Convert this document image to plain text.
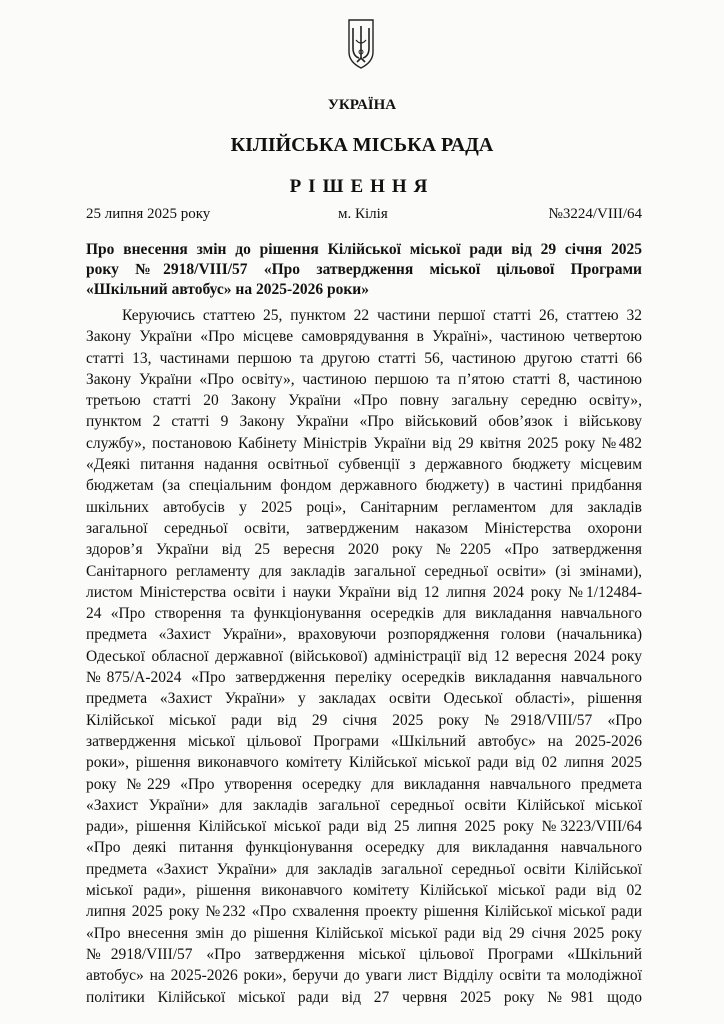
УКРАЇНА
КІЛІЙСЬКА МІСЬКА РАДА
РІШЕННЯ
25 липня 2025 року	м. Кілія	№3224/VIII/64
Про внесення змін до рішення Кілійської міської ради від 29 січня 2025
року №2918/VIII/57 «Про затвердження міської цільової Програми
«Шкільний автобус» на 2025-2026 роки»
Керуючись статтею 25, пунктом 22 частини першої статті 26, статтею 32
Закону України «Про місцеве самоврядування в Україні», частиною четвертою
статті 13, частинами першою та другою статті 56, частиною другою статті 66
Закону України «Про освіту», частиною першою та п’ятою статті 8, частиною
третьою статті 20 Закону України «Про повну загальну середню освіту»,
пунктом 2 статті 9 Закону України «Про військовий обов’язок і військову
службу», постановою Кабінету Міністрів України від 29 квітня 2025 року №482
«Деякі питання надання освітньої субвенції з державного бюджету місцевим
бюджетам (за спеціальним фондом державного бюджету) в частині придбання
шкільних автобусів у 2025 році», Санітарним регламентом для закладів
загальної середньої освіти, затвердженим наказом Міністерства охорони
здоров’я України від 25 вересня 2020 року №2205 «Про затвердження
Санітарного регламенту для закладів загальної середньої освіти» (зі змінами),
листом Міністерства освіти і науки України від 12 липня 2024 року №1/12484-
24 «Про створення та функціонування осередків для викладання навчального
предмета «Захист України», враховуючи розпорядження голови (начальника)
Одеської обласної державної (військової) адміністрації від 12 вересня 2024 року
№875/А-2024 «Про затвердження переліку осередків викладання навчального
предмета «Захист України» у закладах освіти Одеської області», рішення
Кілійської міської ради від 29 січня 2025 року №2918/VIII/57 «Про
затвердження міської цільової Програми «Шкільний автобус» на 2025-2026
роки», рішення виконавчого комітету Кілійської міської ради від 02 липня 2025
року №229 «Про утворення осередку для викладання навчального предмета
«Захист України» для закладів загальної середньої освіти Кілійської міської
ради», рішення Кілійської міської ради від 25 липня 2025 року №3223/VIII/64
«Про деякі питання функціонування осередку для викладання навчального
предмета «Захист України» для закладів загальної середньої освіти Кілійської
міської ради», рішення виконавчого комітету Кілійської міської ради від 02
липня 2025 року №232 «Про схвалення проекту рішення Кілійської міської ради
«Про внесення змін до рішення Кілійської міської ради від 29 січня 2025 року
№2918/VIII/57 «Про затвердження міської цільової Програми «Шкільний
автобус» на 2025-2026 роки», беручи до уваги лист Відділу освіти та молодіжної
політики Кілійської міської ради від 27 червня 2025 року №981 щодо
